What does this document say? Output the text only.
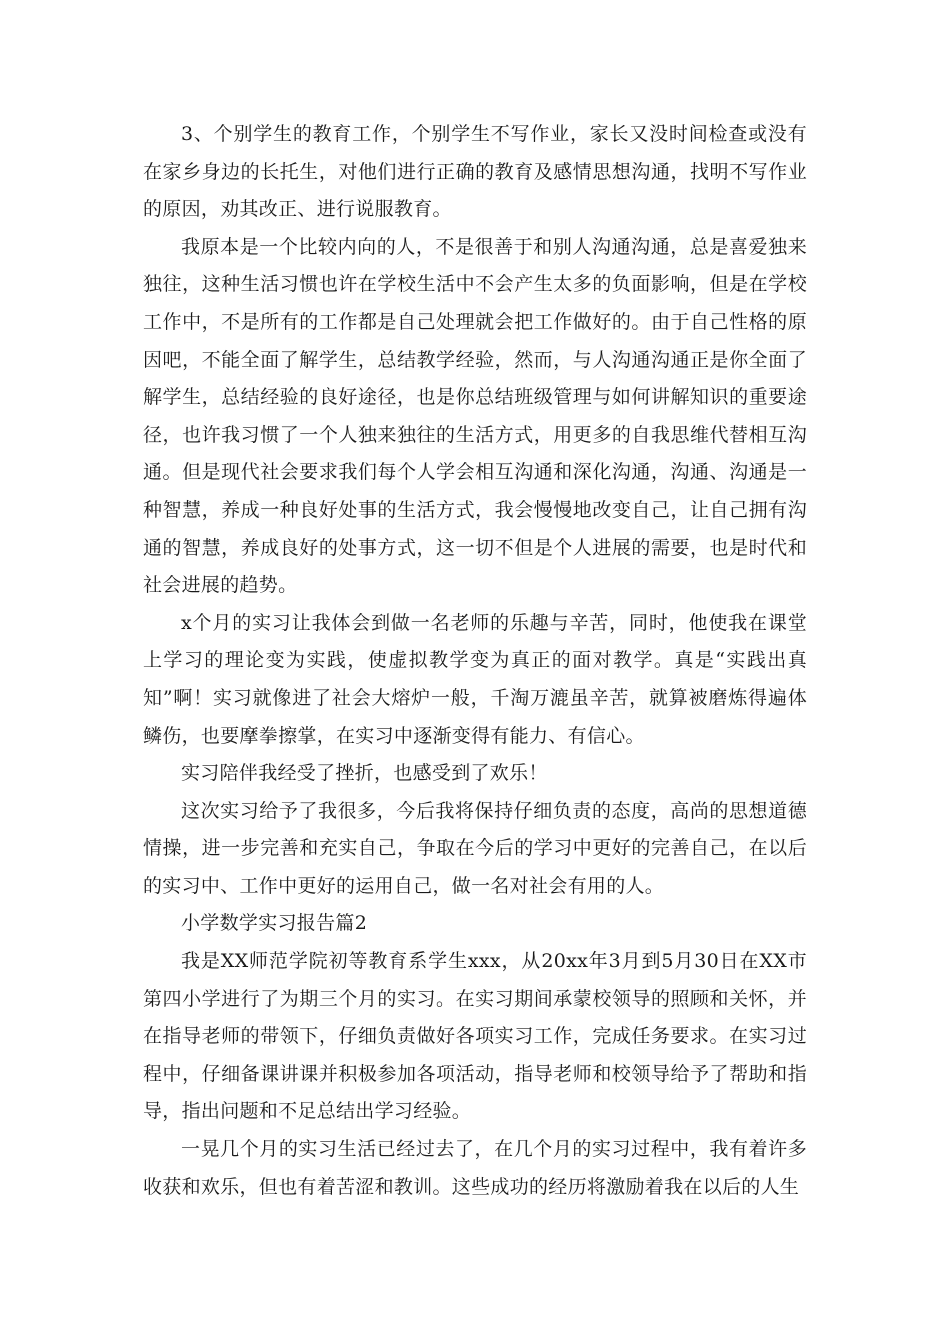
3、个别学生的教育工作，个别学生不写作业，家长又没时间检查或没有在家乡身边的长托生，对他们进行正确的教育及感情思想沟通，找明不写作业的原因，劝其改正、进行说服教育。

我原本是一个比较内向的人，不是很善于和别人沟通沟通，总是喜爱独来独往，这种生活习惯也许在学校生活中不会产生太多的负面影响，但是在学校工作中，不是所有的工作都是自己处理就会把工作做好的。由于自己性格的原因吧，不能全面了解学生，总结教学经验，然而，与人沟通沟通正是你全面了解学生，总结经验的良好途径，也是你总结班级管理与如何讲解知识的重要途径，也许我习惯了一个人独来独往的生活方式，用更多的自我思维代替相互沟通。但是现代社会要求我们每个人学会相互沟通和深化沟通，沟通、沟通是一种智慧，养成一种良好处事的生活方式，我会慢慢地改变自己，让自己拥有沟通的智慧，养成良好的处事方式，这一切不但是个人进展的需要，也是时代和社会进展的趋势。

x个月的实习让我体会到做一名老师的乐趣与辛苦，同时，他使我在课堂上学习的理论变为实践，使虚拟教学变为真正的面对教学。真是“实践出真知”啊！实习就像进了社会大熔炉一般，千淘万漉虽辛苦，就算被磨炼得遍体鳞伤，也要摩拳擦掌，在实习中逐渐变得有能力、有信心。

实习陪伴我经受了挫折，也感受到了欢乐！

这次实习给予了我很多，今后我将保持仔细负责的态度，高尚的思想道德情操，进一步完善和充实自己，争取在今后的学习中更好的完善自己，在以后的实习中、工作中更好的运用自己，做一名对社会有用的人。

小学数学实习报告篇2

我是XX师范学院初等教育系学生xxx，从20xx年3月到5月30日在XX市第四小学进行了为期三个月的实习。在实习期间承蒙校领导的照顾和关怀，并在指导老师的带领下，仔细负责做好各项实习工作，完成任务要求。在实习过程中，仔细备课讲课并积极参加各项活动，指导老师和校领导给予了帮助和指导，指出问题和不足总结出学习经验。

一晃几个月的实习生活已经过去了，在几个月的实习过程中，我有着许多收获和欢乐，但也有着苦涩和教训。这些成功的经历将激励着我在以后的人生
